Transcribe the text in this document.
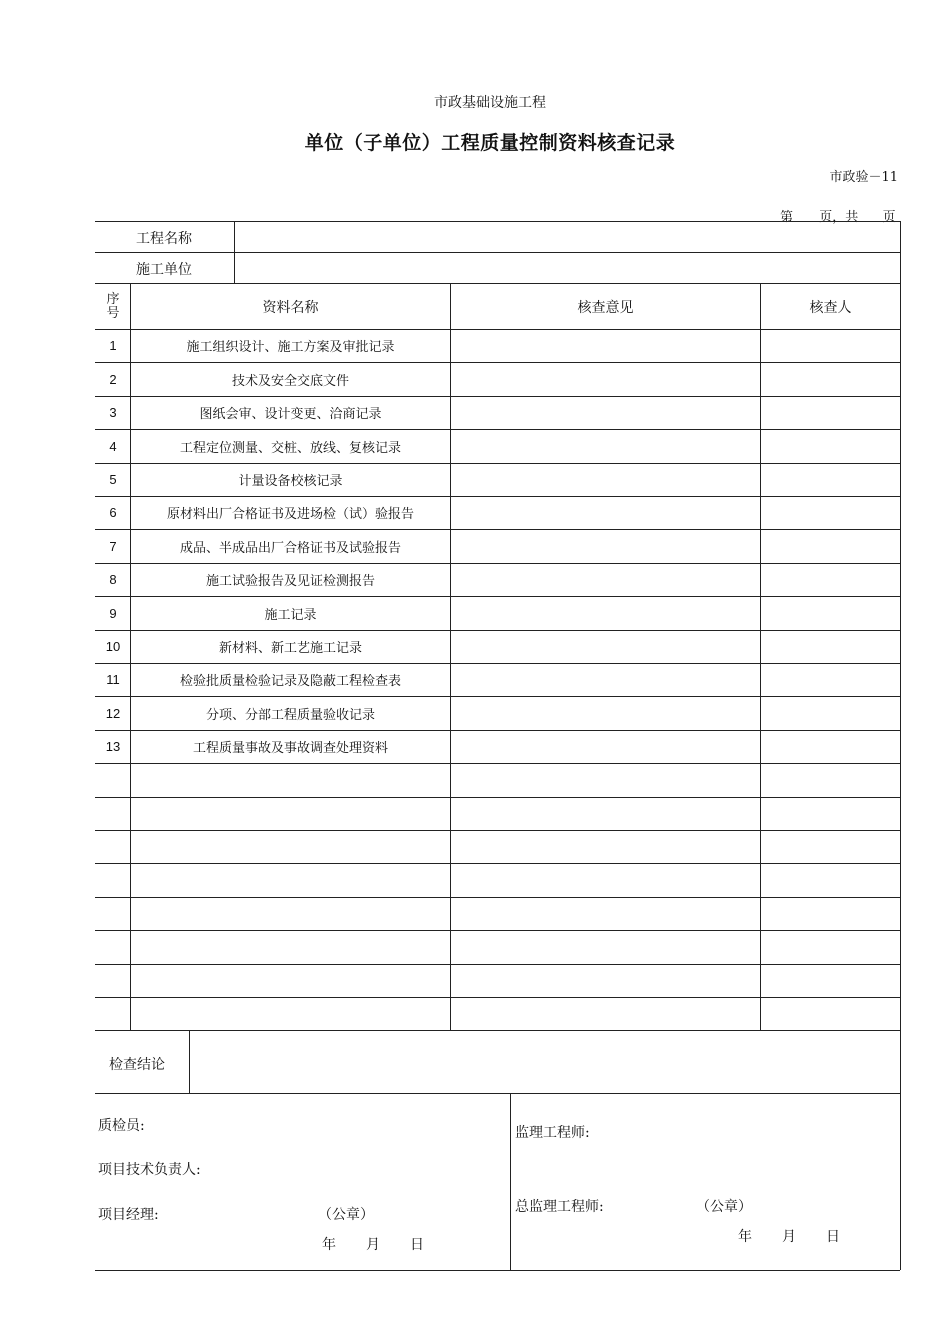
市政基础设施工程
单位（子单位）工程质量控制资料核查记录
市政验－11
第 页，共 页
工程名称
施工单位
序
号	资料名称	核查意见	核查人
1	施工组织设计、施工方案及审批记录
2	技术及安全交底文件
3	图纸会审、设计变更、洽商记录
4	工程定位测量、交桩、放线、复核记录
5	计量设备校核记录
6	原材料出厂合格证书及进场检（试）验报告
7	成品、半成品出厂合格证书及试验报告
8	施工试验报告及见证检测报告
9	施工记录
10	新材料、新工艺施工记录
11	检验批质量检验记录及隐蔽工程检查表
12	分项、分部工程质量验收记录
13	工程质量事故及事故调查处理资料
检查结论
质检员:
项目技术负责人:
项目经理:	（公章）
年 月 日
监理工程师:
总监理工程师:	（公章）
年 月 日
